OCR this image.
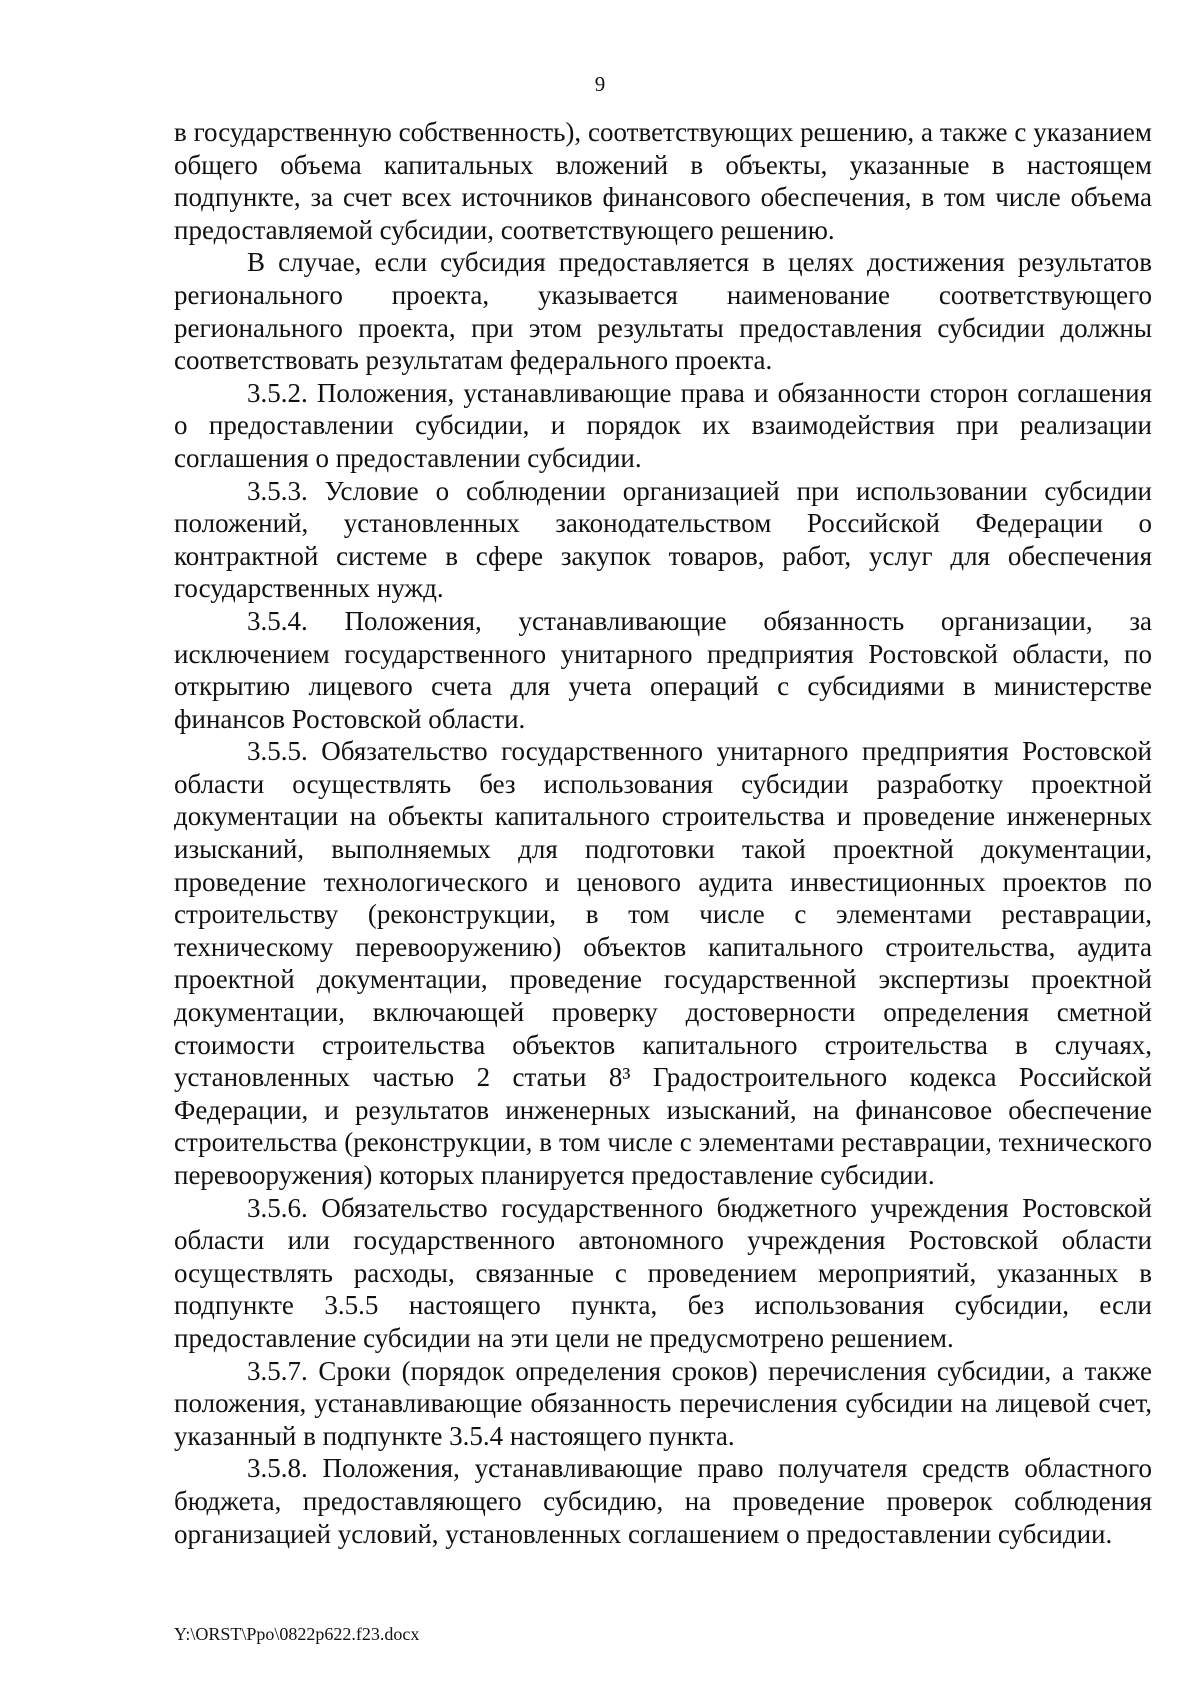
9

в государственную собственность), соответствующих решению, а также с указанием общего объема капитальных вложений в объекты, указанные в настоящем подпункте, за счет всех источников финансового обеспечения, в том числе объема предоставляемой субсидии, соответствующего решению.

В случае, если субсидия предоставляется в целях достижения результатов регионального проекта, указывается наименование соответствующего регионального проекта, при этом результаты предоставления субсидии должны соответствовать результатам федерального проекта.

3.5.2. Положения, устанавливающие права и обязанности сторон соглашения о предоставлении субсидии, и порядок их взаимодействия при реализации соглашения о предоставлении субсидии.

3.5.3. Условие о соблюдении организацией при использовании субсидии положений, установленных законодательством Российской Федерации о контрактной системе в сфере закупок товаров, работ, услуг для обеспечения государственных нужд.

3.5.4. Положения, устанавливающие обязанность организации, за исключением государственного унитарного предприятия Ростовской области, по открытию лицевого счета для учета операций с субсидиями в министерстве финансов Ростовской области.

3.5.5. Обязательство государственного унитарного предприятия Ростовской области осуществлять без использования субсидии разработку проектной документации на объекты капитального строительства и проведение инженерных изысканий, выполняемых для подготовки такой проектной документации, проведение технологического и ценового аудита инвестиционных проектов по строительству (реконструкции, в том числе с элементами реставрации, техническому перевооружению) объектов капитального строительства, аудита проектной документации, проведение государственной экспертизы проектной документации, включающей проверку достоверности определения сметной стоимости строительства объектов капитального строительства в случаях, установленных частью 2 статьи 8³ Градостроительного кодекса Российской Федерации, и результатов инженерных изысканий, на финансовое обеспечение строительства (реконструкции, в том числе с элементами реставрации, технического перевооружения) которых планируется предоставление субсидии.

3.5.6. Обязательство государственного бюджетного учреждения Ростовской области или государственного автономного учреждения Ростовской области осуществлять расходы, связанные с проведением мероприятий, указанных в подпункте 3.5.5 настоящего пункта, без использования субсидии, если предоставление субсидии на эти цели не предусмотрено решением.

3.5.7. Сроки (порядок определения сроков) перечисления субсидии, а также положения, устанавливающие обязанность перечисления субсидии на лицевой счет, указанный в подпункте 3.5.4 настоящего пункта.

3.5.8. Положения, устанавливающие право получателя средств областного бюджета, предоставляющего субсидию, на проведение проверок соблюдения организацией условий, установленных соглашением о предоставлении субсидии.

Y:\ORST\Ppo\0822p622.f23.docx
